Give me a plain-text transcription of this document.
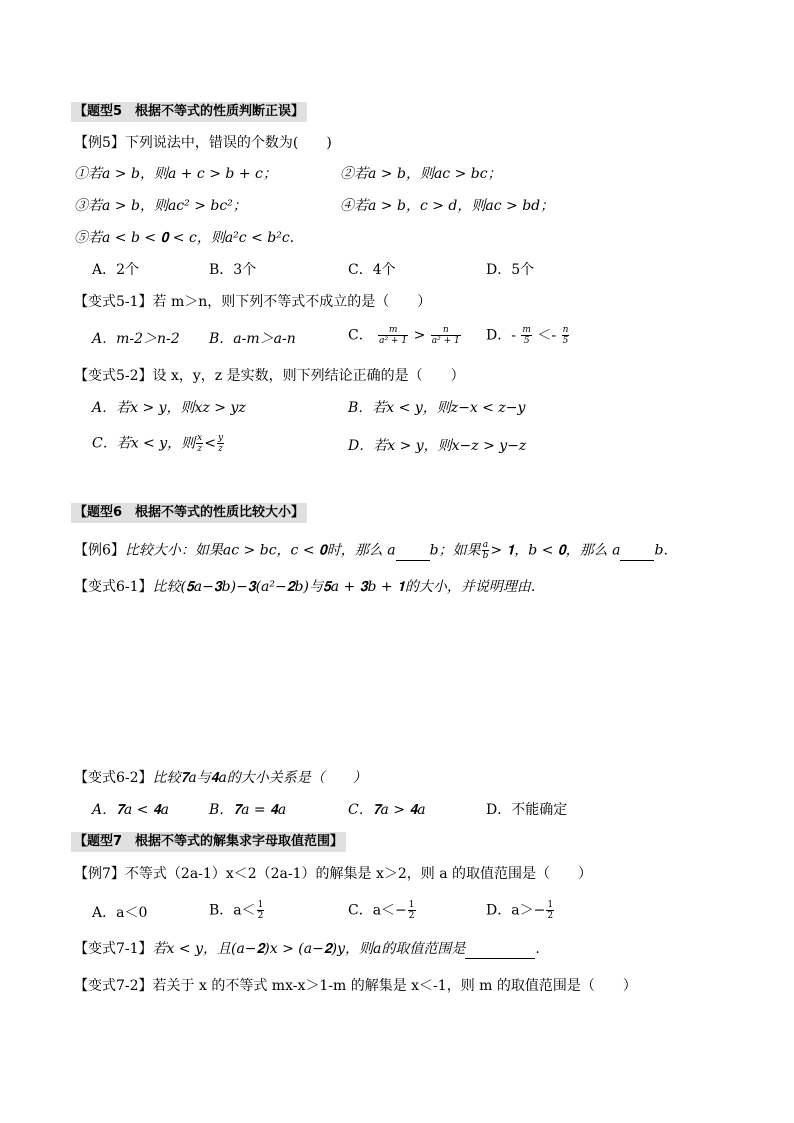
【题型5　根据不等式的性质判断正误】
【例5】下列说法中，错误的个数为(　　)
①若𝑎 > 𝑏，则𝑎 + 𝑐 > 𝑏 + 𝑐；	②若𝑎 > 𝑏，则𝑎𝑐 > 𝑏𝑐；
③若𝑎 > 𝑏，则𝑎𝑐² > 𝑏𝑐²；	④若𝑎 > 𝑏，𝑐 > 𝑑，则𝑎𝑐 > 𝑏𝑑；
⑤若𝑎 < 𝑏 < 𝟎 < 𝑐，则𝑎²𝑐 < 𝑏²𝑐.
A．2个	B．3个	C．4个	D．5个
【变式5-1】若 m＞n，则下列不等式不成立的是（　　）
A．m-2＞n-2 B．a-m＞a-n	C． $\frac{m}{\text{a² + 1}} > \frac{n}{\text{a² + 1}}$ D．- $\frac{m}{5} <- \frac{n}{5}$
【变式5-2】设 x，y，z 是实数，则下列结论正确的是（　　）
A．若𝑥 > 𝑦，则𝑥𝑧 > 𝑦𝑧	B．若𝑥 < 𝑦，则𝑧−𝑥 < 𝑧−𝑦
C．若𝑥 < 𝑦，则 $\frac{\text{𝑥}}{\text{𝑧}} < \frac{\text{𝑦}}{\text{𝑧}}$	D．若𝑥 > 𝑦，则𝑥−𝑧 > 𝑦−𝑧
【题型6　根据不等式的性质比较大小】
【例6】比较大小：如果𝑎𝑐 > 𝑏𝑐，𝑐 < 𝟎时，那么 𝑎 𝑏；如果 $\frac{\text{𝑎}}{\text{𝑏}}$ > 𝟏，𝑏 < 𝟎，那么 𝑎 𝑏.
【变式6-1】比较(𝟓𝑎−𝟑𝑏)−𝟑(𝑎²−𝟐𝑏)与𝟓𝑎 + 𝟑𝑏 + 𝟏的大小，并说明理由.
【变式6-2】比较𝟕𝑎与𝟒𝑎的大小关系是（　　）
A．𝟕𝑎 < 𝟒𝑎	B．𝟕𝑎 = 𝟒𝑎	C．𝟕𝑎 > 𝟒𝑎	D．不能确定
【题型7　根据不等式的解集求字母取值范围】
【例7】不等式（2a-1）x＜2（2a-1）的解集是 x＞2，则 a 的取值范围是（　　）
A．a＜0	B．$a< \frac{1}{2}$	C．$a<- \frac{1}{2}$	D．$a>- \frac{1}{2}$
【变式7-1】若𝑥 < 𝑦，且(𝑎−𝟐)𝑥 > (𝑎−𝟐)𝑦，则𝑎的取值范围是	.
【变式7-2】若关于 x 的不等式 mx-x＞1-m 的解集是 x＜-1，则 m 的取值范围是（　　）
